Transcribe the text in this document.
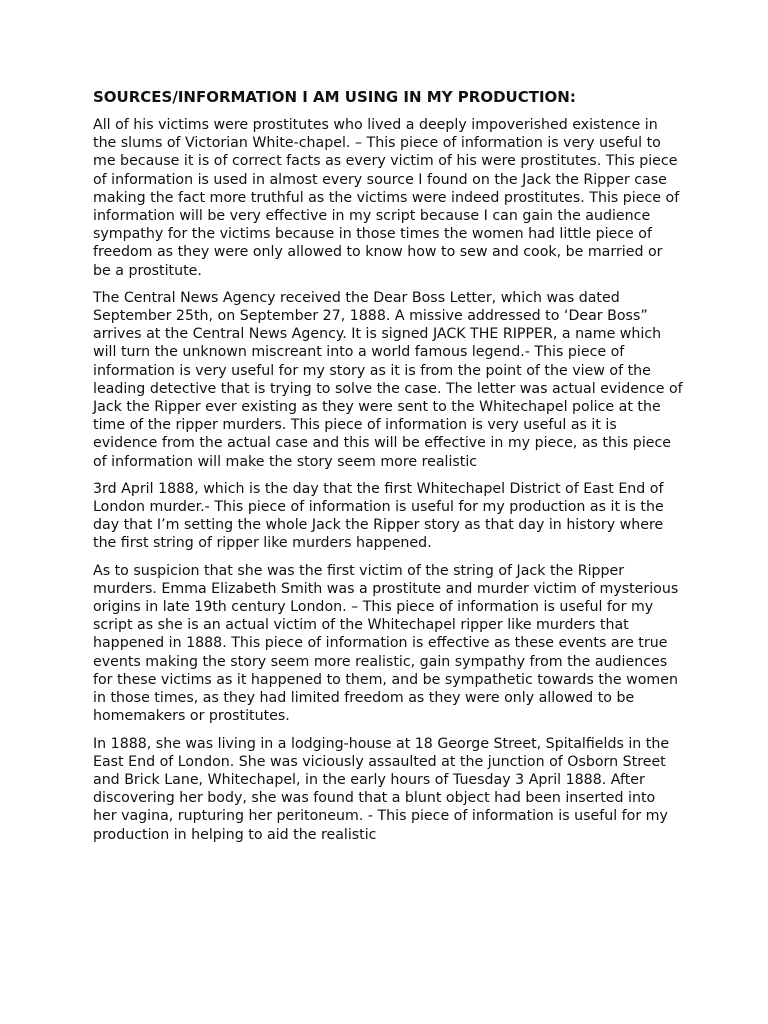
SOURCES/INFORMATION I AM USING IN MY PRODUCTION:

All of his victims were prostitutes who lived a deeply impoverished existence in the slums of Victorian White-chapel. – This piece of information is very useful to me because it is of correct facts as every victim of his were prostitutes. This piece of information is used in almost every source I found on the Jack the Ripper case making the fact more truthful as the victims were indeed prostitutes. This piece of information will be very effective in my script because I can gain the audience sympathy for the victims because in those times the women had little piece of freedom as they were only allowed to know how to sew and cook, be married or be a prostitute.

The Central News Agency received the Dear Boss Letter, which was dated September 25th, on September 27, 1888. A missive addressed to ‘Dear Boss” arrives at the Central News Agency. It is signed JACK THE RIPPER, a name which will turn the unknown miscreant into a world famous legend.- This piece of information is very useful for my story as it is from the point of the view of the leading detective that is trying to solve the case. The letter was actual evidence of Jack the Ripper ever existing as they were sent to the Whitechapel police at the time of the ripper murders. This piece of information is very useful as it is evidence from the actual case and this will be effective in my piece, as this piece of information will make the story seem more realistic

3rd April 1888, which is the day that the first Whitechapel District of East End of London murder.- This piece of information is useful for my production as it is the day that I’m setting the whole Jack the Ripper story as that day in history where the first string of ripper like murders happened.

As to suspicion that she was the first victim of the string of Jack the Ripper murders. Emma Elizabeth Smith was a prostitute and murder victim of mysterious origins in late 19th century London. – This piece of information is useful for my script as she is an actual victim of the Whitechapel ripper like murders that happened in 1888. This piece of information is effective as these events are true events making the story seem more realistic, gain sympathy from the audiences for these victims as it happened to them, and be sympathetic towards the women in those times, as they had limited freedom as they were only allowed to be homemakers or prostitutes.

In 1888, she was living in a lodging-house at 18 George Street, Spitalfields in the East End of London. She was viciously assaulted at the junction of Osborn Street and Brick Lane, Whitechapel, in the early hours of Tuesday 3 April 1888. After discovering her body, she was found that a blunt object had been inserted into her vagina, rupturing her peritoneum. - This piece of information is useful for my production in helping to aid the realistic
